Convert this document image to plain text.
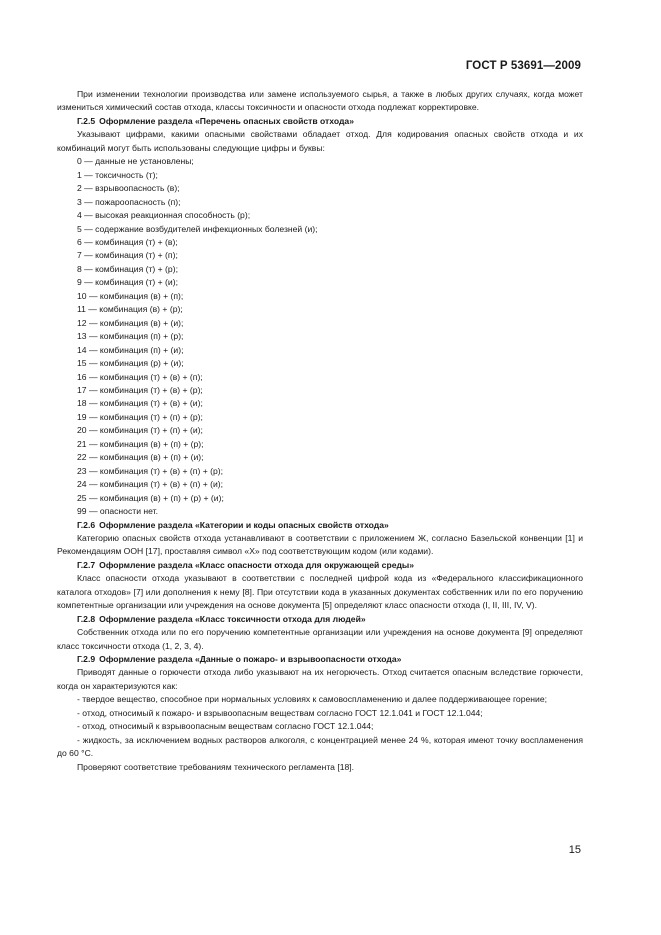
ГОСТ Р 53691—2009

При изменении технологии производства или замене используемого сырья, а также в любых других случаях, когда может измениться химический состав отхода, классы токсичности и опасности отхода подлежат корректировке.

Г.2.5 Оформление раздела «Перечень опасных свойств отхода»

Указывают цифрами, какими опасными свойствами обладает отход. Для кодирования опасных свойств отхода и их комбинаций могут быть использованы следующие цифры и буквы:

0 — данные не установлены;

1 — токсичность (т);

2 — взрывоопасность (в);

3 — пожароопасность (п);

4 — высокая реакционная способность (р);

5 — содержание возбудителей инфекционных болезней (и);

6 — комбинация (т) + (в);

7 — комбинация (т) + (п);

8 — комбинация (т) + (р);

9 — комбинация (т) + (и);

10 — комбинация (в) + (п);

11 — комбинация (в) + (р);

12 — комбинация (в) + (и);

13 — комбинация (п) + (р);

14 — комбинация (п) + (и);

15 — комбинация (р) + (и);

16 — комбинация (т) + (в) + (п);

17 — комбинация (т) + (в) + (р);

18 — комбинация (т) + (в) + (и);

19 — комбинация (т) + (п) + (р);

20 — комбинация (т) + (п) + (и);

21 — комбинация (в) + (п) + (р);

22 — комбинация (в) + (п) + (и);

23 — комбинация (т) + (в) + (п) + (р);

24 — комбинация (т) + (в) + (п) + (и);

25 — комбинация (в) + (п) + (р) + (и);

99 — опасности нет.

Г.2.6 Оформление раздела «Категории и коды опасных свойств отхода»

Категорию опасных свойств отхода устанавливают в соответствии с приложением Ж, согласно Базельской конвенции [1] и Рекомендациям ООН [17], проставляя символ «X» под соответствующим кодом (или кодами).

Г.2.7 Оформление раздела «Класс опасности отхода для окружающей среды»

Класс опасности отхода указывают в соответствии с последней цифрой кода из «Федерального классификационного каталога отходов» [7] или дополнения к нему [8]. При отсутствии кода в указанных документах собственник или по его поручению компетентные организации или учреждения на основе документа [5] определяют класс опасности отхода (I, II, III, IV, V).

Г.2.8 Оформление раздела «Класс токсичности отхода для людей»

Собственник отхода или по его поручению компетентные организации или учреждения на основе документа [9] определяют класс токсичности отхода (1, 2, 3, 4).

Г.2.9 Оформление раздела «Данные о пожаро- и взрывоопасности отхода»

Приводят данные о горючести отхода либо указывают на их негорючесть. Отход считается опасным вследствие горючести, когда он характеризуются как:

- твердое вещество, способное при нормальных условиях к самовоспламенению и далее поддерживающее горение;

- отход, относимый к пожаро- и взрывоопасным веществам согласно ГОСТ 12.1.041 и ГОСТ 12.1.044;

- отход, относимый к взрывоопасным веществам согласно ГОСТ 12.1.044;

- жидкость, за исключением водных растворов алкоголя, с концентрацией менее 24 %, которая имеют точку воспламенения до 60 °C.

Проверяют соответствие требованиям технического регламента [18].

15
